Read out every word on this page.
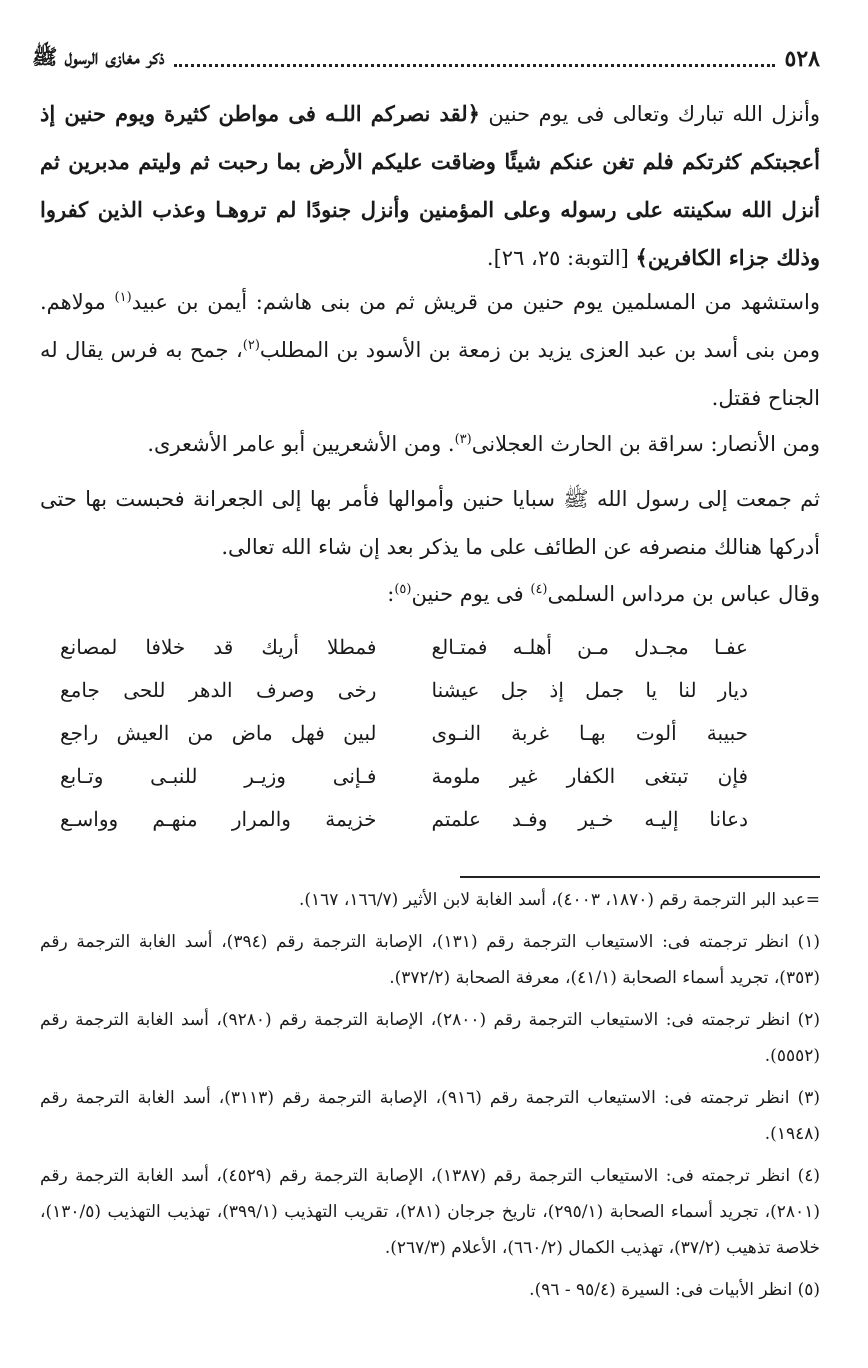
٥٢٨
ذكر مغازى الرسول ﷺ

وأنزل الله تبارك وتعالى فى يوم حنين ﴿لقد نصركم اللـه فى مواطن كثيرة ويوم حنين إذ أعجبتكم كثرتكم فلم تغن عنكم شيئًا وضاقت عليكم الأرض بما رحبت ثم وليتم مدبرين ثم أنزل الله سكينته على رسوله وعلى المؤمنين وأنزل جنودًا لم تروهـا وعذب الذين كفروا وذلك جزاء الكافرين﴾ [التوبة: ٢٥، ٢٦].

واستشهد من المسلمين يوم حنين من قريش ثم من بنى هاشم: أيمن بن عبيد$^{(١)}$ مولاهم. ومن بنى أسد بن عبد العزى يزيد بن زمعة بن الأسود بن المطلب$^{(٢)}$، جمح به فرس يقال له الجناح فقتل.

ومن الأنصار: سراقة بن الحارث العجلانى$^{(٣)}$. ومن الأشعريين أبو عامر الأشعرى.

ثم جمعت إلى رسول الله ﷺ سبايا حنين وأموالها فأمر بها إلى الجعرانة فحبست بها حتى أدركها هنالك منصرفه عن الطائف على ما يذكر بعد إن شاء الله تعالى.

وقال عباس بن مرداس السلمى$^{(٤)}$ فى يوم حنين$^{(٥)}$:

عفـا مجـدل مـن أهلـه فمتـالع
فمطلا أريك قد خلافا لمصانع
ديار لنا يا جمل إذ جل عيشنا
رخى وصرف الدهر للحى جامع
حبيبة ألوت بهـا غربة النـوى
لبين فهل ماض من العيش راجع
فإن تبتغى الكفار غير ملومة
فـإنى وزيـر للنبـى وتـابع
دعانا إليـه خـير وفـد علمتم
خزيمة والمرار منهـم وواسـع

=عبد البر الترجمة رقم (١٨٧٠، ٤٠٠٣)، أسد الغابة لابن الأثير (١٦٦/٧، ١٦٧).

(١) انظر ترجمته فى: الاستيعاب الترجمة رقم (١٣١)، الإصابة الترجمة رقم (٣٩٤)، أسد الغابة الترجمة رقم (٣٥٣)، تجريد أسماء الصحابة (٤١/١)، معرفة الصحابة (٣٧٢/٢).

(٢) انظر ترجمته فى: الاستيعاب الترجمة رقم (٢٨٠٠)، الإصابة الترجمة رقم (٩٢٨٠)، أسد الغابة الترجمة رقم (٥٥٥٢).

(٣) انظر ترجمته فى: الاستيعاب الترجمة رقم (٩١٦)، الإصابة الترجمة رقم (٣١١٣)، أسد الغابة الترجمة رقم (١٩٤٨).

(٤) انظر ترجمته فى: الاستيعاب الترجمة رقم (١٣٨٧)، الإصابة الترجمة رقم (٤٥٢٩)، أسد الغابة الترجمة رقم (٢٨٠١)، تجريد أسماء الصحابة (٢٩٥/١)، تاريخ جرجان (٢٨١)، تقريب التهذيب (٣٩٩/١)، تهذيب التهذيب (١٣٠/٥)، خلاصة تذهيب (٣٧/٢)، تهذيب الكمال (٦٦٠/٢)، الأعلام (٢٦٧/٣).

(٥) انظر الأبيات فى: السيرة (٩٥/٤ - ٩٦).
